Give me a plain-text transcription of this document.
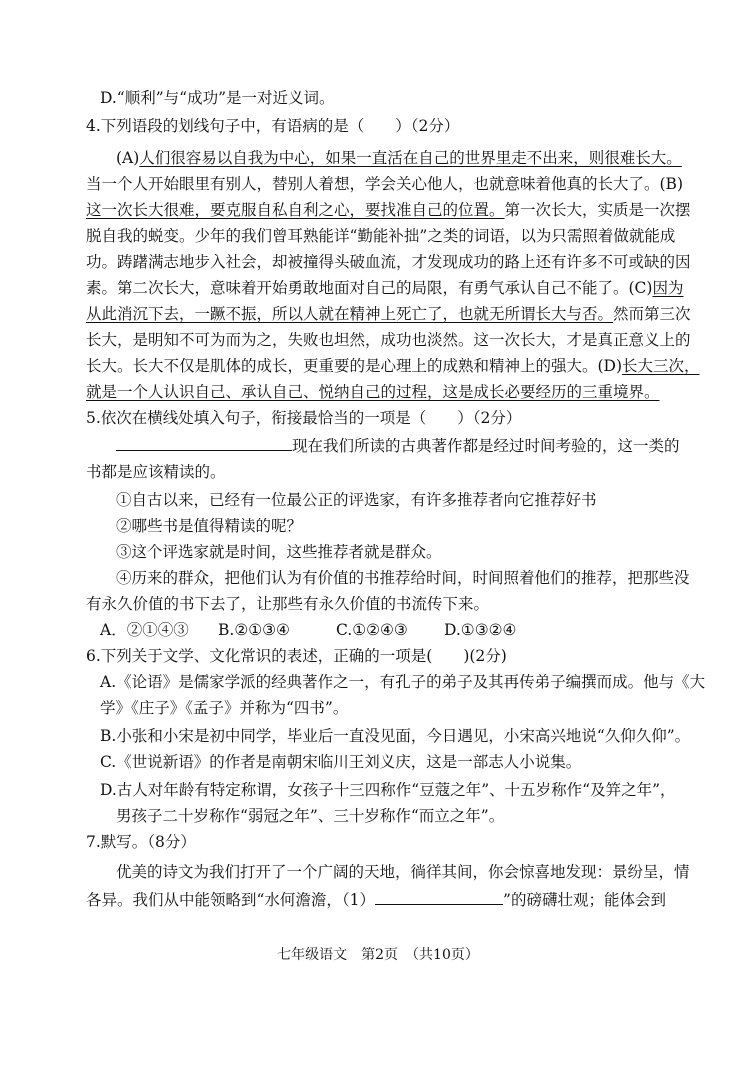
D.“顺利”与“成功”是一对近义词。
4.下列语段的划线句子中，有语病的是（　　）（2分）
(A)人们很容易以自我为中心，如果一直活在自己的世界里走不出来，则很难长大。
当一个人开始眼里有别人，替别人着想，学会关心他人，也就意味着他真的长大了。(B)
这一次长大很难，要克服自私自利之心，要找准自己的位置。第一次长大，实质是一次摆
脱自我的蜕变。少年的我们曾耳熟能详“勤能补拙”之类的词语，以为只需照着做就能成
功。踌躇满志地步入社会，却被撞得头破血流，才发现成功的路上还有许多不可或缺的因
素。第二次长大，意味着开始勇敢地面对自己的局限，有勇气承认自己不能了。(C)因为
从此消沉下去，一蹶不振，所以人就在精神上死亡了，也就无所谓长大与否。然而第三次
长大，是明知不可为而为之，失败也坦然，成功也淡然。这一次长大，才是真正意义上的
长大。长大不仅是肌体的成长，更重要的是心理上的成熟和精神上的强大。(D)长大三次，
就是一个人认识自己、承认自己、悦纳自己的过程，这是成长必要经历的三重境界。
5.依次在横线处填入句子，衔接最恰当的一项是（　　）（2分）
现在我们所读的古典著作都是经过时间考验的，这一类的
书都是应该精读的。
①自古以来，已经有一位最公正的评选家，有许多推荐者向它推荐好书
②哪些书是值得精读的呢？
③这个评选家就是时间，这些推荐者就是群众。
④历来的群众，把他们认为有价值的书推荐给时间，时间照着他们的推荐，把那些没
有永久价值的书下去了，让那些有永久价值的书流传下来。
A．②①④③ B.②①③④	C.①②④③ D.①③②④
6.下列关于文学、文化常识的表述，正确的一项是(　　)(2分)
A.《论语》是儒家学派的经典著作之一，有孔子的弟子及其再传弟子编撰而成。他与《大
学》《庄子》《孟子》并称为“四书”。
B.小张和小宋是初中同学，毕业后一直没见面，今日遇见，小宋高兴地说“久仰久仰”。
C.《世说新语》的作者是南朝宋临川王刘义庆，这是一部志人小说集。
D.古人对年龄有特定称谓，女孩子十三四称作“豆蔻之年”、十五岁称作“及笄之年”，
男孩子二十岁称作“弱冠之年”、三十岁称作“而立之年”。
7.默写。（8分）
优美的诗文为我们打开了一个广阔的天地，徜徉其间，你会惊喜地发现：景纷呈，情
各异。我们从中能领略到“水何澹澹，（1）	”的磅礴壮观；能体会到
七年级语文　第2页　（共10页）
